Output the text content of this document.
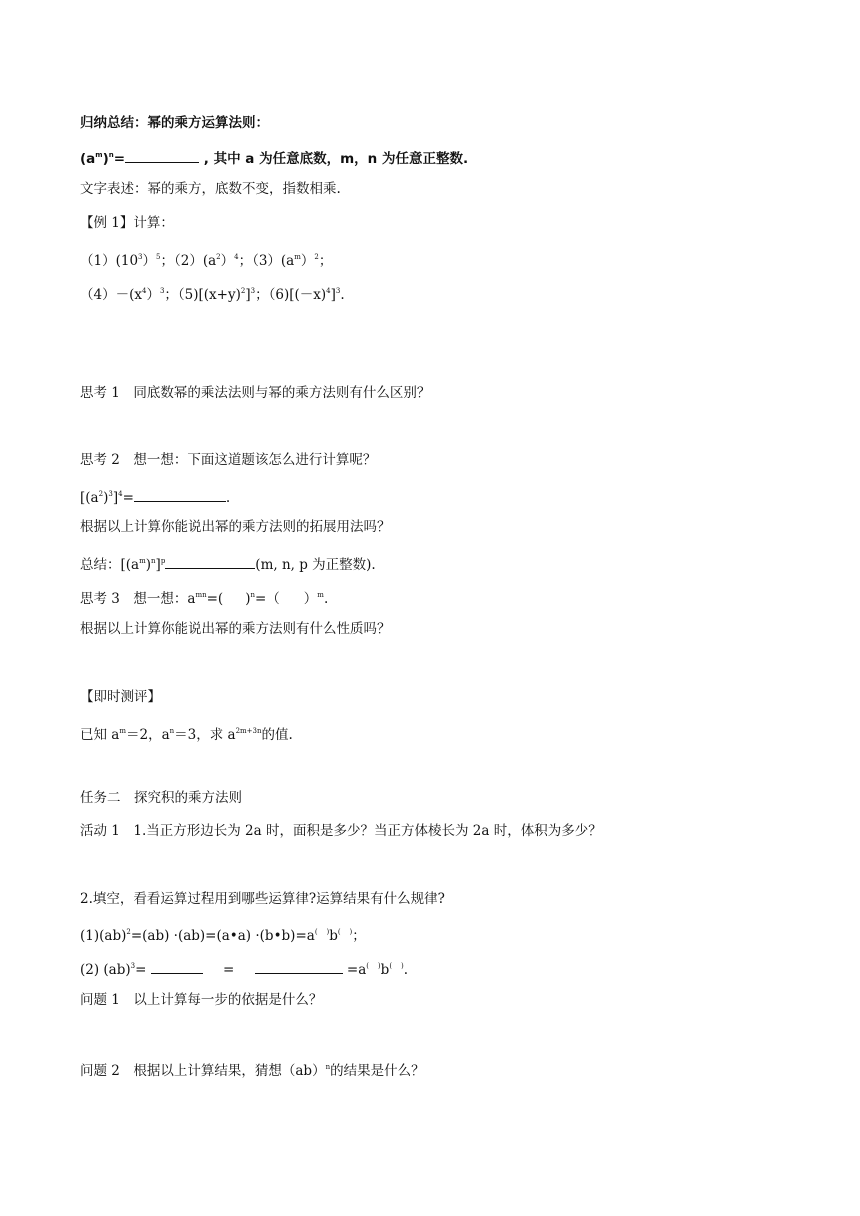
归纳总结：幂的乘方运算法则：
$(a^m)^n=$	, 其中 a 为任意底数，m，n 为任意正整数.
文字表述：幂的乘方，底数不变，指数相乘.
【例 1】计算：
$(1)(10^3)^5$；$(2)(a^2)^4$；$(3)(a^m)^2$；
$(4)-(x^4)^3$；$(5)[(x+y)^2]^3$；$(6)[(-x)^4]^3$.
思考 1　同底数幂的乘法法则与幂的乘方法则有什么区别？
思考 2　想一想：下面这道题该怎么进行计算呢？
$[(a^2)^3]^4=$	.
根据以上计算你能说出幂的乘方法则的拓展用法吗？
总结：$[(a^m)^n]^p$	(m, n, p 为正整数).
思考 3　想一想：$a^{mn}=$( )$^n$=（ ）$^m$.
根据以上计算你能说出幂的乘方法则有什么性质吗？
【即时测评】
已知 $a^m=2$，$a^n=3$，求 $a^{2m+3n}$的值.
任务二　探究积的乘方法则
活动 1　1.当正方形边长为 2a 时，面积是多少？当正方体棱长为 2a 时，体积为多少？
2.填空，看看运算过程用到哪些运算律?运算结果有什么规律?
(1)(ab)$^2$=(ab) ·(ab)=(a•a) ·(b•b)=a(    )b(    )；
(2) (ab)$^3$=	=	=a(    )b(    ).
问题 1　以上计算每一步的依据是什么？
问题 2　根据以上计算结果，猜想（ab）$^n$的结果是什么？
